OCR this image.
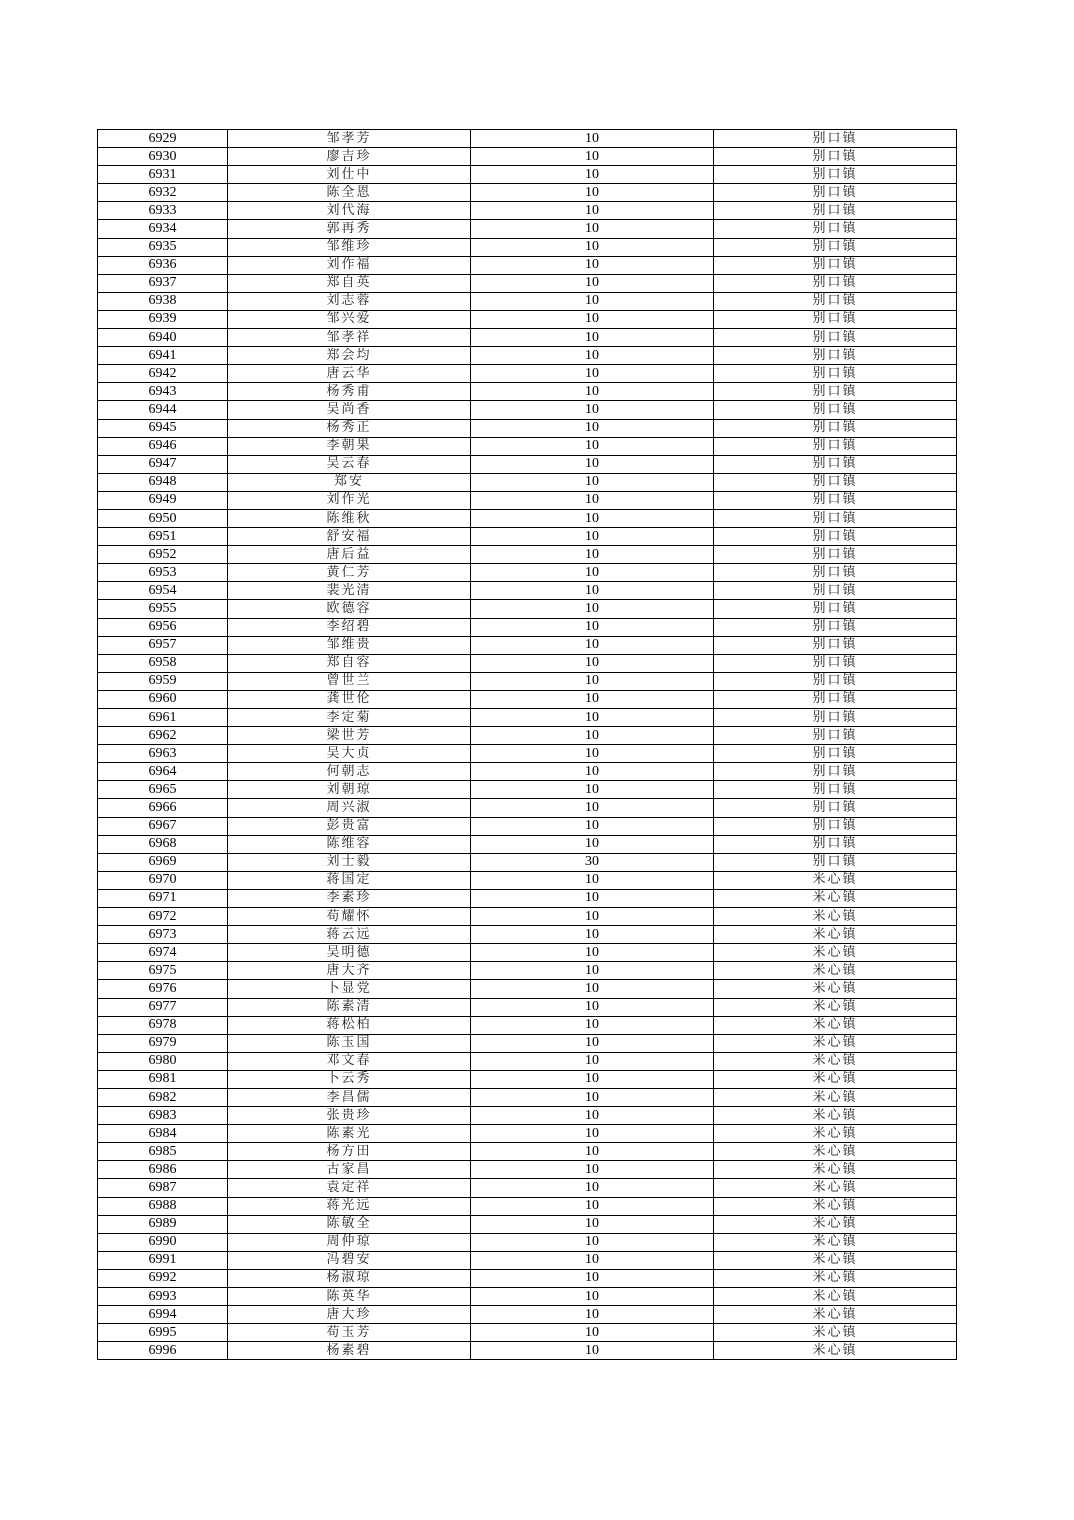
6929	邹孝芳	10	别口镇
6930	廖吉珍	10	别口镇
6931	刘仕中	10	别口镇
6932	陈全恩	10	别口镇
6933	刘代海	10	别口镇
6934	郭再秀	10	别口镇
6935	邹维珍	10	别口镇
6936	刘作福	10	别口镇
6937	郑自英	10	别口镇
6938	刘志蓉	10	别口镇
6939	邹兴爱	10	别口镇
6940	邹孝祥	10	别口镇
6941	郑会均	10	别口镇
6942	唐云华	10	别口镇
6943	杨秀甫	10	别口镇
6944	吴尚香	10	别口镇
6945	杨秀正	10	别口镇
6946	李朝果	10	别口镇
6947	吴云春	10	别口镇
6948	郑安	10	别口镇
6949	刘作光	10	别口镇
6950	陈维秋	10	别口镇
6951	舒安福	10	别口镇
6952	唐后益	10	别口镇
6953	黄仁芳	10	别口镇
6954	裴光清	10	别口镇
6955	欧德容	10	别口镇
6956	李绍碧	10	别口镇
6957	邹维贵	10	别口镇
6958	郑自容	10	别口镇
6959	曾世兰	10	别口镇
6960	龚世伦	10	别口镇
6961	李定菊	10	别口镇
6962	梁世芳	10	别口镇
6963	吴大贞	10	别口镇
6964	何朝志	10	别口镇
6965	刘朝琼	10	别口镇
6966	周兴淑	10	别口镇
6967	彭贵富	10	别口镇
6968	陈维容	10	别口镇
6969	刘士毅	30	别口镇
6970	蒋国定	10	米心镇
6971	李素珍	10	米心镇
6972	苟耀怀	10	米心镇
6973	蒋云远	10	米心镇
6974	吴明德	10	米心镇
6975	唐大齐	10	米心镇
6976	卜显党	10	米心镇
6977	陈素清	10	米心镇
6978	蒋松柏	10	米心镇
6979	陈玉国	10	米心镇
6980	邓文春	10	米心镇
6981	卜云秀	10	米心镇
6982	李昌儒	10	米心镇
6983	张贵珍	10	米心镇
6984	陈素光	10	米心镇
6985	杨方田	10	米心镇
6986	古家昌	10	米心镇
6987	袁定祥	10	米心镇
6988	蒋光远	10	米心镇
6989	陈敏全	10	米心镇
6990	周仲琼	10	米心镇
6991	冯碧安	10	米心镇
6992	杨淑琼	10	米心镇
6993	陈英华	10	米心镇
6994	唐大珍	10	米心镇
6995	苟玉芳	10	米心镇
6996	杨素碧	10	米心镇
